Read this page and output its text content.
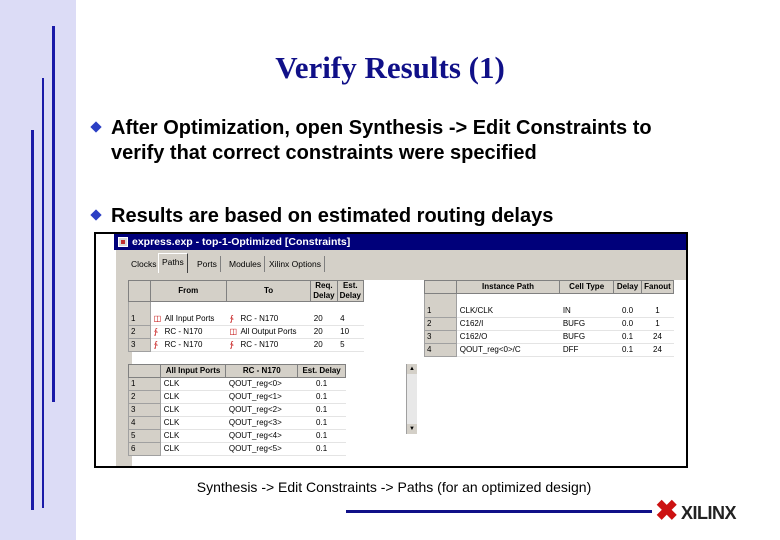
Verify Results (1)
After Optimization, open Synthesis -> Edit Constraints to verify that correct constraints were specified
Results are based on estimated routing delays
express.exp - top-1-Optimized [Constraints]
Clocks Paths	Ports	Modules Xilinx Options
	From	To	Req. Delay	Est. Delay
1	◫ All Input Ports	∱ RC - N170	20	4
2	∱ RC - N170	◫ All Output Ports	20	10
3	∱ RC - N170	∱ RC - N170	20	5
	Instance Path	Cell Type	Delay	Fanout
1	CLK/CLK	IN	0.0	1
2	C162/I	BUFG	0.0	1
3	C162/O	BUFG	0.1	24
4	QOUT_reg<0>/C	DFF	0.1	24
	All Input Ports	RC - N170	Est. Delay
1	CLK	QOUT_reg<0>	0.1
2	CLK	QOUT_reg<1>	0.1
3	CLK	QOUT_reg<2>	0.1
4	CLK	QOUT_reg<3>	0.1
5	CLK	QOUT_reg<4>	0.1
6	CLK	QOUT_reg<5>	0.1
▲
▼
Synthesis -> Edit Constraints -> Paths (for an optimized design)
✖ XILINX
